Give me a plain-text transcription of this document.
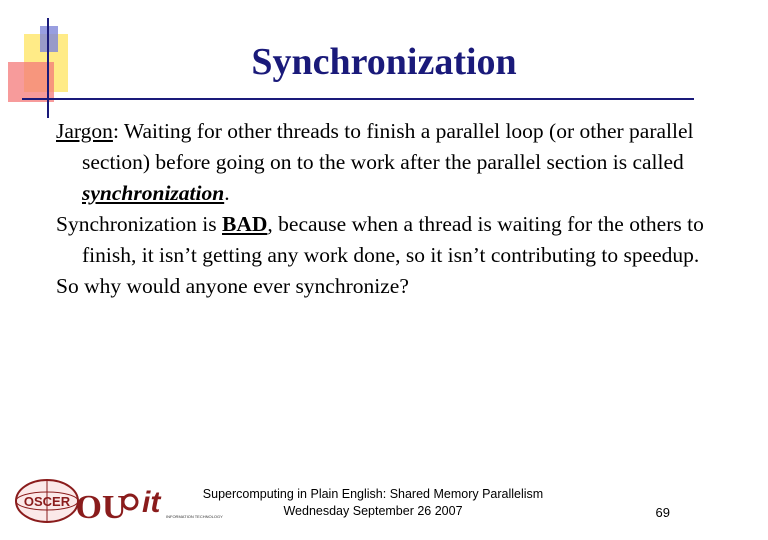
Synchronization

Jargon: Waiting for other threads to finish a parallel loop (or other parallel section) before going on to the work after the parallel section is called synchronization.

Synchronization is BAD, because when a thread is waiting for the others to finish, it isn’t getting any work done, so it isn’t contributing to speedup.

So why would anyone ever synchronize?

OSCER OU it	INFORMATION TECHNOLOGY
Supercomputing in Plain English: Shared Memory Parallelism
Wednesday September 26 2007	69
